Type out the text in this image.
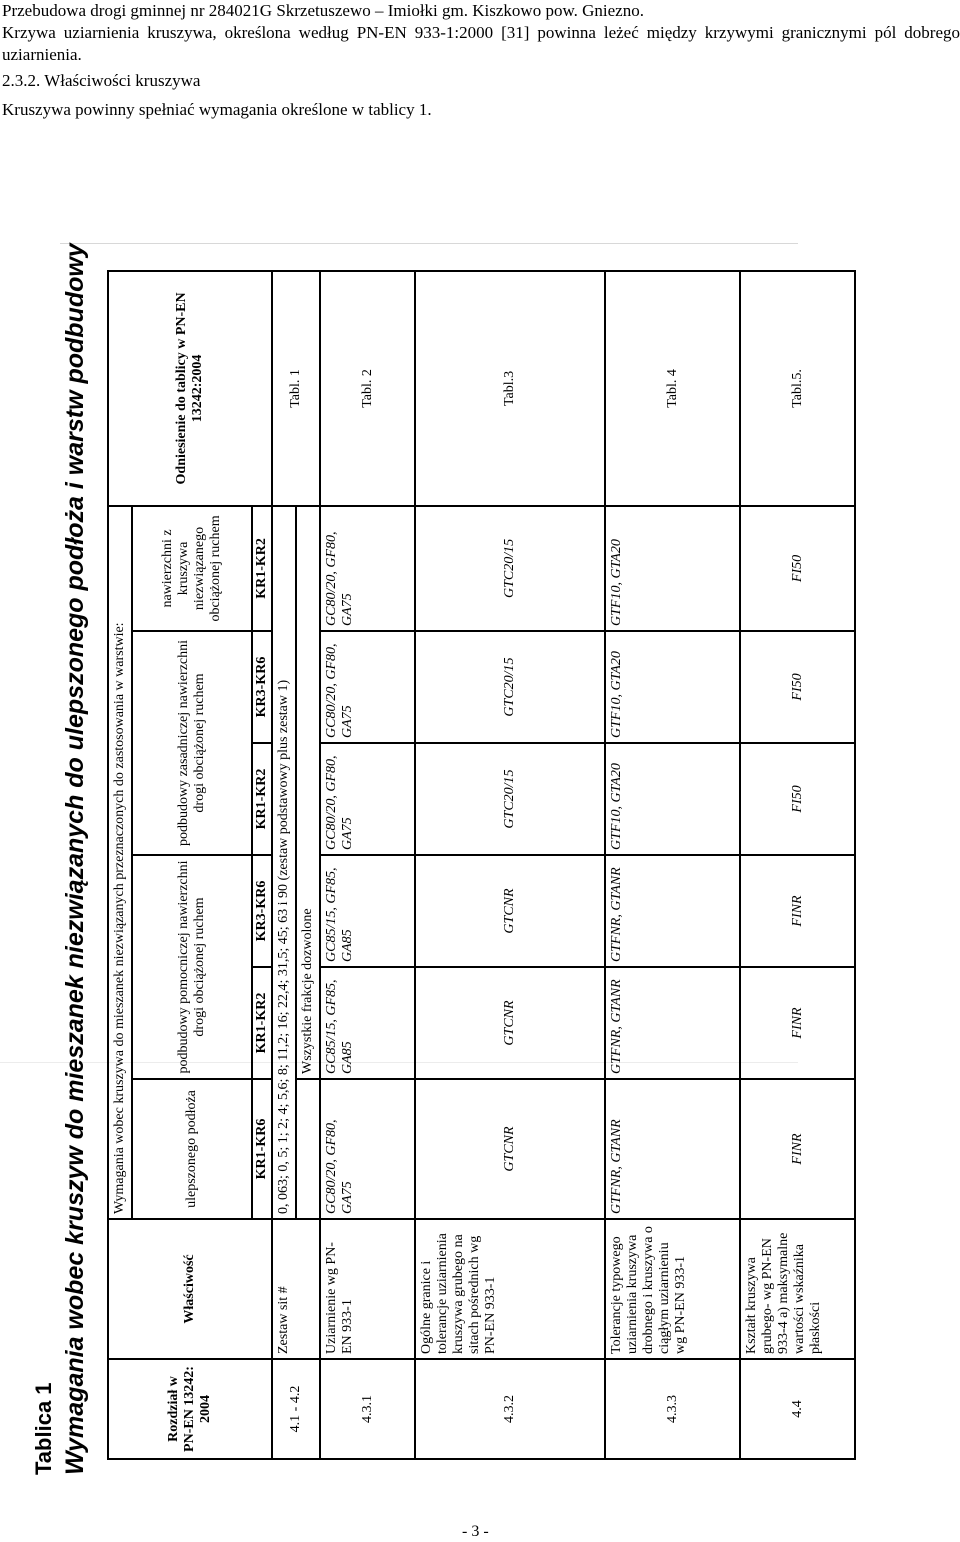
Przebudowa drogi gminnej nr 284021G Skrzetuszewo – Imiołki gm. Kiszkowo pow. Gniezno.

Krzywa uziarnienia kruszywa, określona według PN-EN 933-1:2000 [31] powinna leżeć między krzywymi granicznymi pól dobrego uziarnienia.

2.3.2. Właściwości kruszywa

Kruszywa powinny spełniać wymagania określone w tablicy 1.

Tablica 1 Wymagania wobec kruszyw do mieszanek niezwiązanych do ulepszonego podłoża i warstw podbudowy	Rozdział w PN-EN 13242: 2004	Właściwość	Wymagania wobec kruszywa do mieszanek niezwiązanych przeznaczonych do zastosowania w warstwie:						Odniesienie do tablicy w PN-EN 13242:2004
		ulepszonego podłoża	podbudowy pomocniczej nawierzchni drogi obciążonej ruchem		podbudowy zasadniczej nawierzchni drogi obciążonej ruchem		nawierzchni z kruszywa niezwiązanego obciążonej ruchem	
		KR1-KR6	KR1-KR2	KR3-KR6	KR1-KR2	KR3-KR6	KR1-KR2	
4.1 - 4.2	Zestaw sit #	0, 063; 0, 5; 1; 2; 4; 5,6; 8; 11,2; 16; 22,4; 31,5; 45; 63 i 90 (zestaw podstawowy plus zestaw 1)						Tabl. 1
			Wszystkie frakcje dozwolone					
4.3.1	Uziarnienie wg PN-EN 933-1	GC80/20, GF80, GA75	GC85/15, GF85, GA85	GC85/15, GF85, GA85	GC80/20, GF80, GA75	GC80/20, GF80, GA75	GC80/20, GF80, GA75	Tabl. 2
4.3.2	Ogólne granice i tolerancje uziarnienia kruszywa grubego na sitach pośrednich wg PN-EN 933-1	GTCNR	GTCNR	GTCNR	GTC20/15	GTC20/15	GTC20/15	Tabl.3
4.3.3	Tolerancje typowego uziarnienia kruszywa drobnego i kruszywa o ciągłym uziarnieniu wg PN-EN 933-1	GTFNR, GTANR	GTFNR, GTANR	GTFNR, GTANR	GTF10, GTA20	GTF10, GTA20	GTF10, GTA20	Tabl. 4
4.4	Kształt kruszywa grubego- wg PN-EN 933-4 a) maksymalne wartości wskaźnika płaskości	FINR	FINR	FINR	FI50	FI50	FI50	Tabl.5.
- 3 -
